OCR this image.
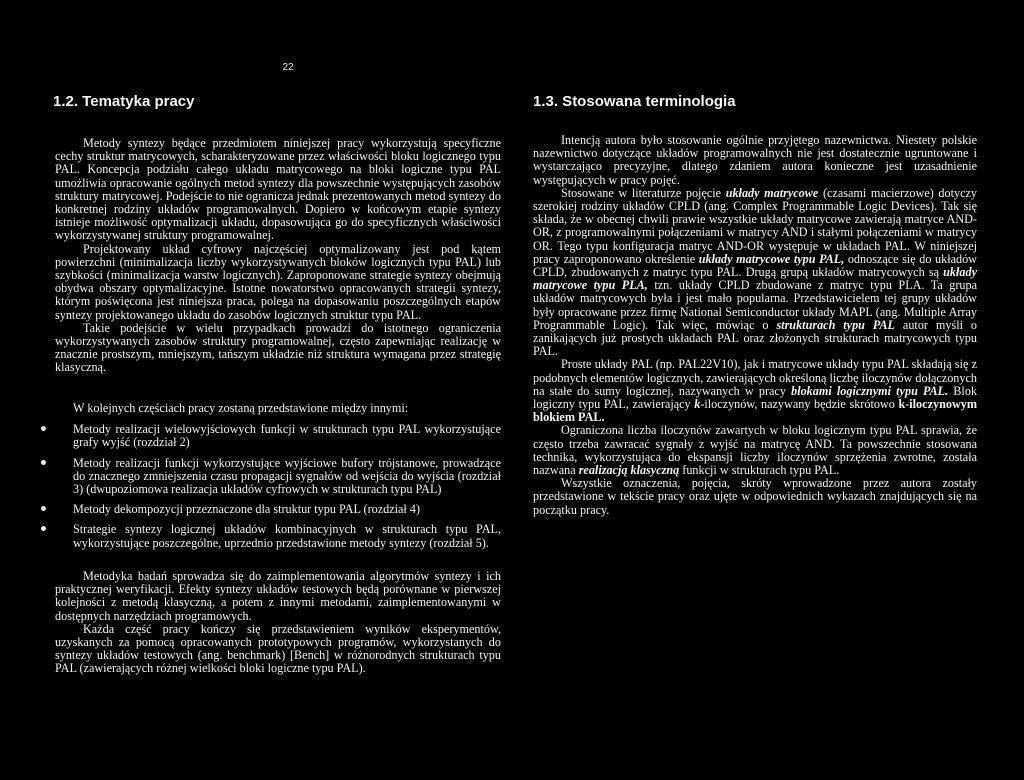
22
1.2. Tematyka pracy	1.3. Stosowana terminologia

Metody syntezy będące przedmiotem niniejszej pracy wykorzystują specyficzne cechy struktur matrycowych, scharakteryzowane przez właściwości bloku logicznego typu PAL. Koncepcja podziału całego układu matrycowego na bloki logiczne typu PAL umożliwia opracowanie ogólnych metod syntezy dla powszechnie występujących zasobów struktury matrycowej. Podejście to nie ogranicza jednak prezentowanych metod syntezy do konkretnej rodziny układów programowalnych. Dopiero w końcowym etapie syntezy istnieje możliwość optymalizacji układu, dopasowująca go do specyficznych właściwości wykorzystywanej struktury programowalnej.

Projektowany układ cyfrowy najczęściej optymalizowany jest pod kątem powierzchni (minimalizacja liczby wykorzystywanych bloków logicznych typu PAL) lub szybkości (minimalizacja warstw logicznych). Zaproponowane strategie syntezy obejmują obydwa obszary optymalizacyjne. Istotne nowatorstwo opracowanych strategii syntezy, którym poświęcona jest niniejsza praca, polega na dopasowaniu poszczególnych etapów syntezy projektowanego układu do zasobów logicznych struktur typu PAL.

Takie podejście w wielu przypadkach prowadzi do istotnego ograniczenia wykorzystywanych zasobów struktury programowalnej, często zapewniając realizację w znacznie prostszym, mniejszym, tańszym układzie niż struktura wymagana przez strategię klasyczną.

W kolejnych częściach pracy zostaną przedstawione między innymi:

Metody realizacji wielowyjściowych funkcji w strukturach typu PAL wykorzystujące grafy wyjść (rozdział 2)
Metody realizacji funkcji wykorzystujące wyjściowe bufory trójstanowe, prowadzące do znacznego zmniejszenia czasu propagacji sygnałów od wejścia do wyjścia (rozdział 3) (dwupoziomowa realizacja układów cyfrowych w strukturach typu PAL)
Metody dekompozycji przeznaczone dla struktur typu PAL (rozdział 4)
Strategie syntezy logicznej układów kombinacyjnych w strukturach typu PAL, wykorzystujące poszczególne, uprzednio przedstawione metody syntezy (rozdział 5).

Metodyka badań sprowadza się do zaimplementowania algorytmów syntezy i ich praktycznej weryfikacji. Efekty syntezy układów testowych będą porównane w pierwszej kolejności z metodą klasyczną, a potem z innymi metodami, zaimplementowanymi w dostępnych narzędziach programowych.

Każda część pracy kończy się przedstawieniem wyników eksperymentów, uzyskanych za pomocą opracowanych prototypowych programów, wykorzystanych do syntezy układów testowych (ang. benchmark) [Bench] w różnorodnych strukturach typu PAL (zawierających różnej wielkości bloki logiczne typu PAL).

Intencją autora było stosowanie ogólnie przyjętego nazewnictwa. Niestety polskie nazewnictwo dotyczące układów programowalnych nie jest dostatecznie ugruntowane i wystarczająco precyzyjne, dlatego zdaniem autora konieczne jest uzasadnienie występujących w pracy pojęć.

Stosowane w literaturze pojęcie układy matrycowe (czasami macierzowe) dotyczy szerokiej rodziny układów CPLD (ang. Complex Programmable Logic Devices). Tak się składa, że w obecnej chwili prawie wszystkie układy matrycowe zawierają matryce AND-OR, z programowalnymi połączeniami w matrycy AND i stałymi połączeniami w matrycy OR. Tego typu konfiguracja matryc AND-OR występuje w układach PAL. W niniejszej pracy zaproponowano określenie układy matrycowe typu PAL, odnoszące się do układów CPLD, zbudowanych z matryc typu PAL. Drugą grupą układów matrycowych są układy matrycowe typu PLA, tzn. układy CPLD zbudowane z matryc typu PLA. Ta grupa układów matrycowych była i jest mało popularna. Przedstawicielem tej grupy układów były opracowane przez firmę National Semiconductor układy MAPL (ang. Multiple Array Programmable Logic). Tak więc, mówiąc o strukturach typu PAL autor myśli o zanikających już prostych układach PAL oraz złożonych strukturach matrycowych typu PAL.

Proste układy PAL (np. PAL22V10), jak i matrycowe układy typu PAL składają się z podobnych elementów logicznych, zawierających określoną liczbę iloczynów dołączonych na stałe do sumy logicznej, nazywanych w pracy blokami logicznymi typu PAL. Blok logiczny typu PAL, zawierający k-iloczynów, nazywany będzie skrótowo k-iloczynowym blokiem PAL.

Ograniczona liczba iloczynów zawartych w bloku logicznym typu PAL sprawia, że często trzeba zawracać sygnały z wyjść na matrycę AND. Ta powszechnie stosowana technika, wykorzystująca do ekspansji liczby iloczynów sprzężenia zwrotne, została nazwana realizacją klasyczną funkcji w strukturach typu PAL.

Wszystkie oznaczenia, pojęcia, skróty wprowadzone przez autora zostały przedstawione w tekście pracy oraz ujęte w odpowiednich wykazach znajdujących się na początku pracy.
